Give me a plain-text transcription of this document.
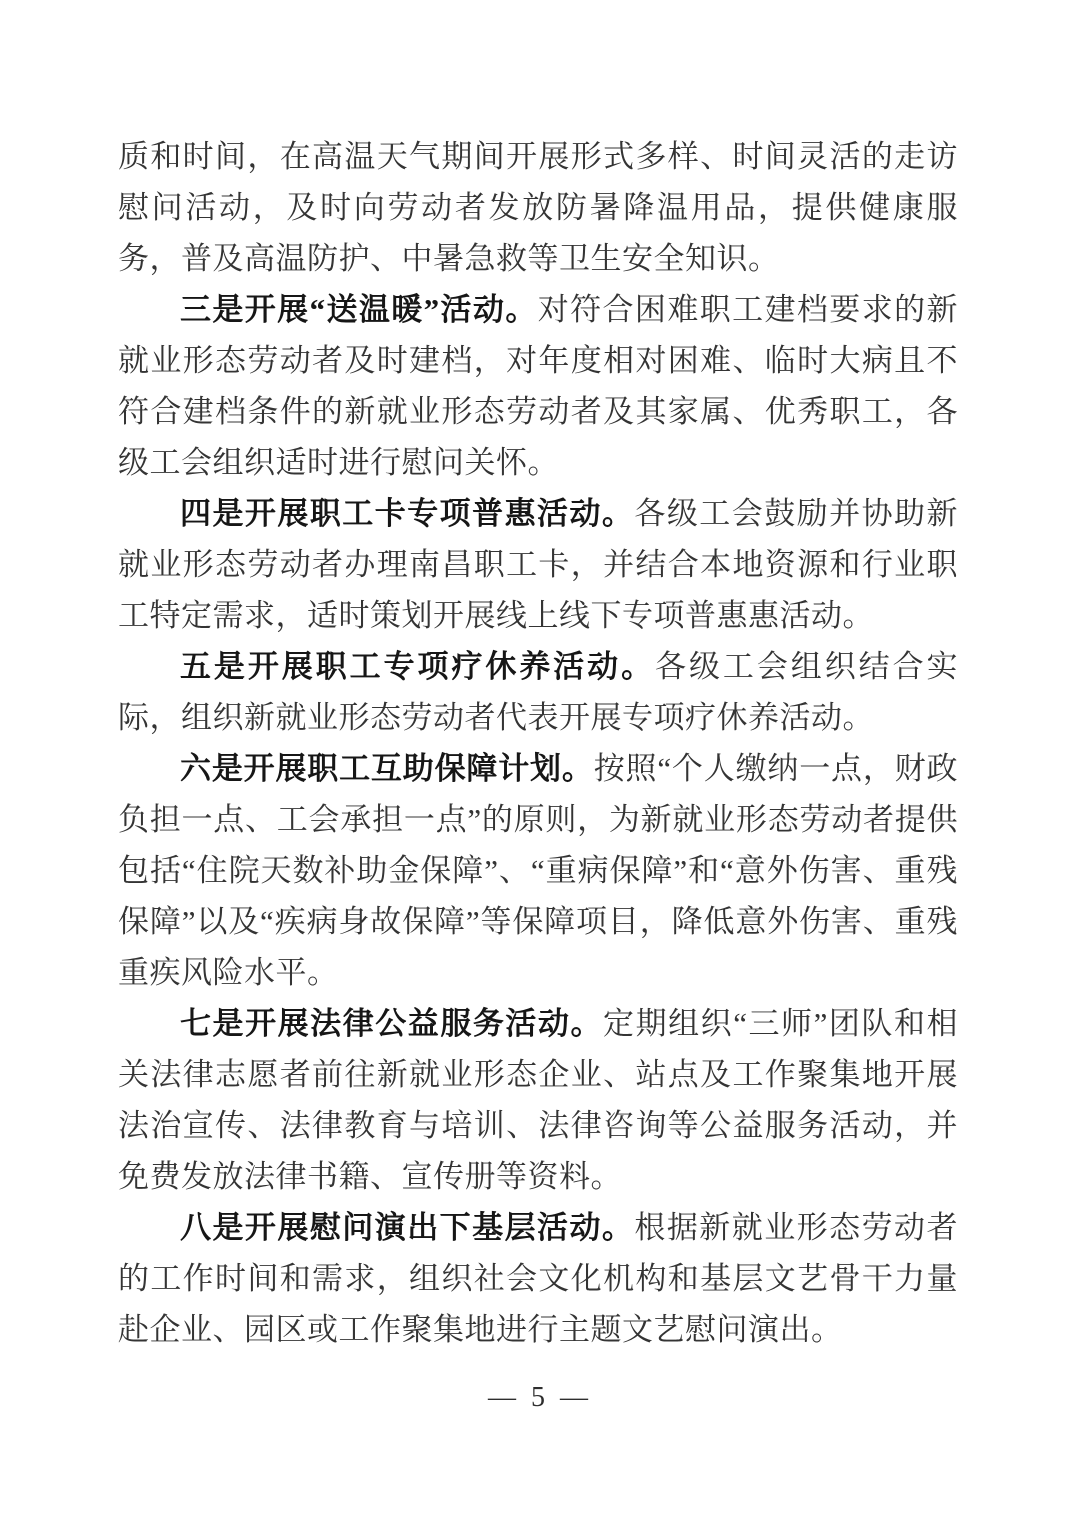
质和时间，在高温天气期间开展形式多样、时间灵活的走访慰问活动，及时向劳动者发放防暑降温用品，提供健康服务，普及高温防护、中暑急救等卫生安全知识。

三是开展“送温暖”活动。对符合困难职工建档要求的新就业形态劳动者及时建档，对年度相对困难、临时大病且不符合建档条件的新就业形态劳动者及其家属、优秀职工，各级工会组织适时进行慰问关怀。

四是开展职工卡专项普惠活动。各级工会鼓励并协助新就业形态劳动者办理南昌职工卡，并结合本地资源和行业职工特定需求，适时策划开展线上线下专项普惠惠活动。

五是开展职工专项疗休养活动。各级工会组织结合实际，组织新就业形态劳动者代表开展专项疗休养活动。

六是开展职工互助保障计划。按照“个人缴纳一点，财政负担一点、工会承担一点”的原则，为新就业形态劳动者提供包括“住院天数补助金保障”、“重病保障”和“意外伤害、重残保障”以及“疾病身故保障”等保障项目，降低意外伤害、重残重疾风险水平。

七是开展法律公益服务活动。定期组织“三师”团队和相关法律志愿者前往新就业形态企业、站点及工作聚集地开展法治宣传、法律教育与培训、法律咨询等公益服务活动，并免费发放法律书籍、宣传册等资料。

八是开展慰问演出下基层活动。根据新就业形态劳动者的工作时间和需求，组织社会文化机构和基层文艺骨干力量赴企业、园区或工作聚集地进行主题文艺慰问演出。

— 5 —
